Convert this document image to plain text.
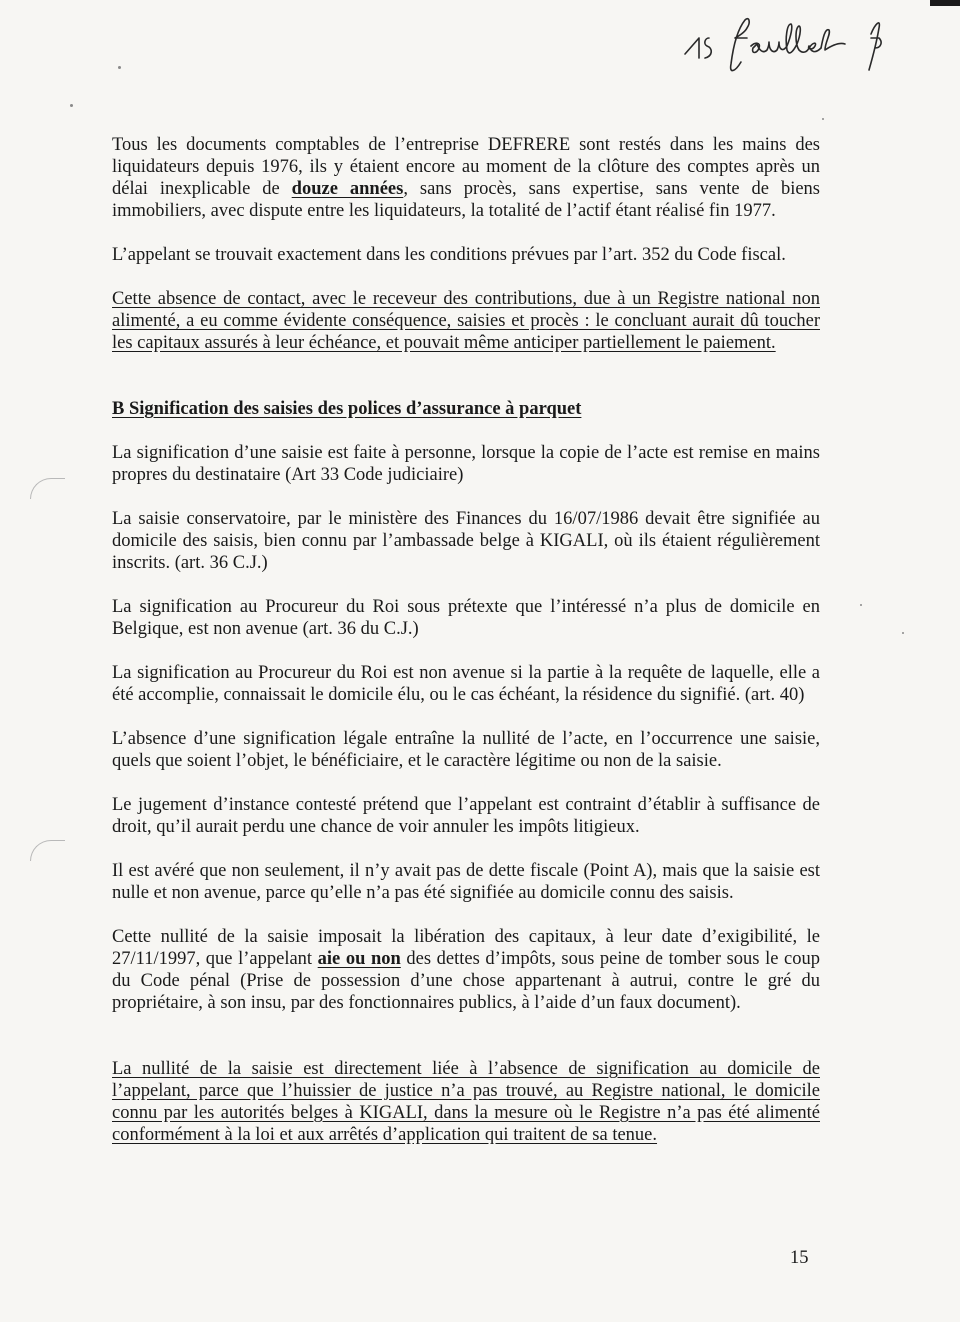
Tous les documents comptables de l’entreprise DEFRERE sont restés dans les mains des liquidateurs depuis 1976, ils y étaient encore au moment de la clôture des comptes après un délai inexplicable de douze années, sans procès, sans expertise, sans vente de biens immobiliers, avec dispute entre les liquidateurs, la totalité de l’actif étant réalisé fin 1977.

L’appelant se trouvait exactement dans les conditions prévues par l’art. 352 du Code fiscal.

Cette absence de contact, avec le receveur des contributions, due à un Registre national non alimenté, a eu comme évidente conséquence, saisies et procès : le concluant aurait dû toucher les capitaux assurés à leur échéance, et pouvait même anticiper partiellement le paiement.

B Signification des saisies des polices d’assurance à parquet

La signification d’une saisie est faite à personne, lorsque la copie de l’acte est remise en mains propres du destinataire (Art 33 Code judiciaire)

La saisie conservatoire, par le ministère des Finances du 16/07/1986 devait être signifiée au domicile des saisis, bien connu par l’ambassade belge à KIGALI, où ils étaient régulièrement inscrits. (art. 36 C.J.)

La signification au Procureur du Roi sous prétexte que l’intéressé n’a plus de domicile en Belgique, est non avenue (art. 36 du C.J.)

La signification au Procureur du Roi est non avenue si la partie à la requête de laquelle, elle a été accomplie, connaissait le domicile élu, ou le cas échéant, la résidence du signifié. (art. 40)

L’absence d’une signification légale entraîne la nullité de l’acte, en l’occurrence une saisie, quels que soient l’objet, le bénéficiaire, et le caractère légitime ou non de la saisie.

Le jugement d’instance contesté prétend que l’appelant est contraint d’établir à suffisance de droit, qu’il aurait perdu une chance de voir annuler les impôts litigieux.

Il est avéré que non seulement, il n’y avait pas de dette fiscale (Point A), mais que la saisie est nulle et non avenue, parce qu’elle n’a pas été signifiée au domicile connu des saisis.

Cette nullité de la saisie imposait la libération des capitaux, à leur date d’exigibilité, le 27/11/1997, que l’appelant aie ou non des dettes d’impôts, sous peine de tomber sous le coup du Code pénal (Prise de possession d’une chose appartenant à autrui, contre le gré du propriétaire, à son insu, par des fonctionnaires publics, à l’aide d’un faux document).

La nullité de la saisie est directement liée à l’absence de signification au domicile de l’appelant, parce que l’huissier de justice n’a pas trouvé, au Registre national, le domicile connu par les autorités belges à KIGALI, dans la mesure où le Registre n’a pas été alimenté conformément à la loi et aux arrêtés d’application qui traitent de sa tenue.

15
